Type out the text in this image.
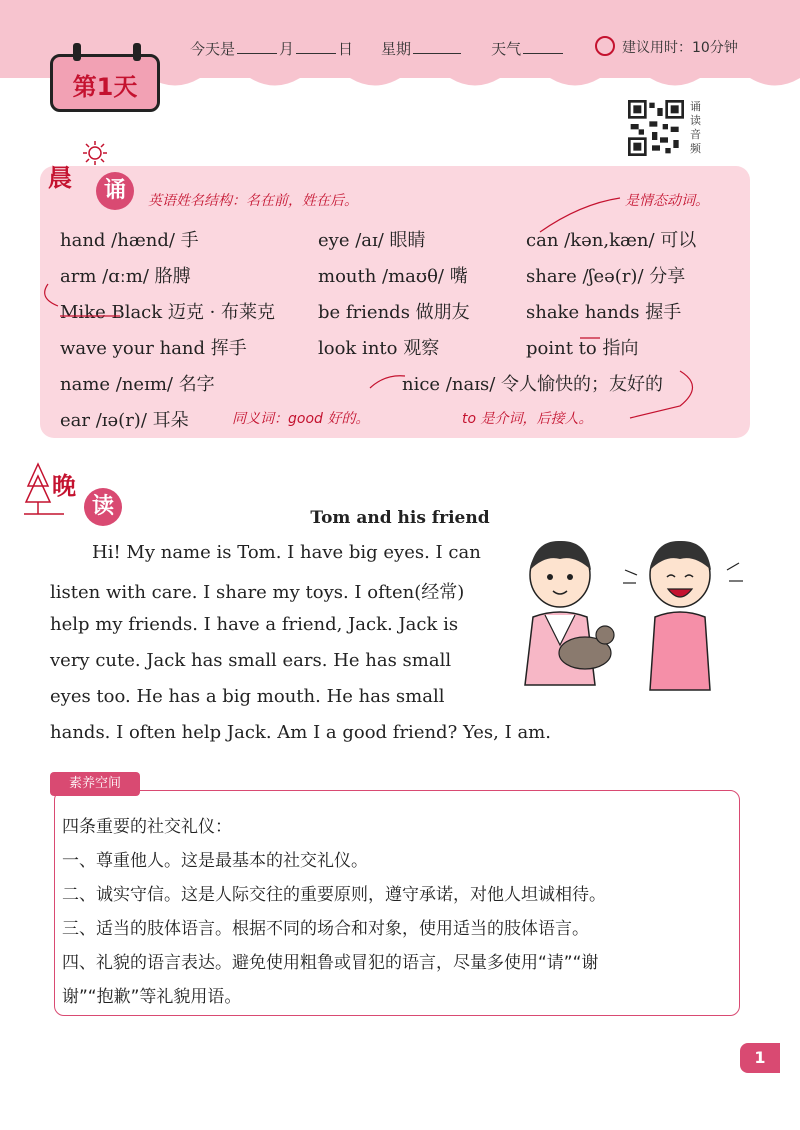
第1天
今天是	月	日 星期	天气	建议用时：10分钟
诵读音频
晨	诵	英语姓名结构：名在前，姓在后。	是情态动词。
hand /hænd/ 手	eye /aɪ/ 眼睛	can /kən,kæn/ 可以
arm /ɑːm/ 胳膊	mouth /maʊθ/ 嘴	share /ʃeə(r)/ 分享
Mike Black 迈克 · 布莱克 be friends 做朋友	shake hands 握手
wave your hand 挥手	look into 观察	point to 指向
name /neɪm/ 名字	nice /naɪs/ 令人愉快的；友好的
ear /ɪə(r)/ 耳朵	同义词：good 好的。	to 是介词，后接人。
晚
读	Tom and his friend
Hi! My name is Tom. I have big eyes. I can
listen with care. I share my toys. I often(经常)
help my friends. I have a friend, Jack. Jack is
very cute. Jack has small ears. He has small
eyes too. He has a big mouth. He has small
hands. I often help Jack. Am I a good friend? Yes, I am.
素养空间
四条重要的社交礼仪：
一、尊重他人。这是最基本的社交礼仪。
二、诚实守信。这是人际交往的重要原则，遵守承诺，对他人坦诚相待。
三、适当的肢体语言。根据不同的场合和对象，使用适当的肢体语言。
四、礼貌的语言表达。避免使用粗鲁或冒犯的语言，尽量多使用“请”“谢
谢”“抱歉”等礼貌用语。
1
